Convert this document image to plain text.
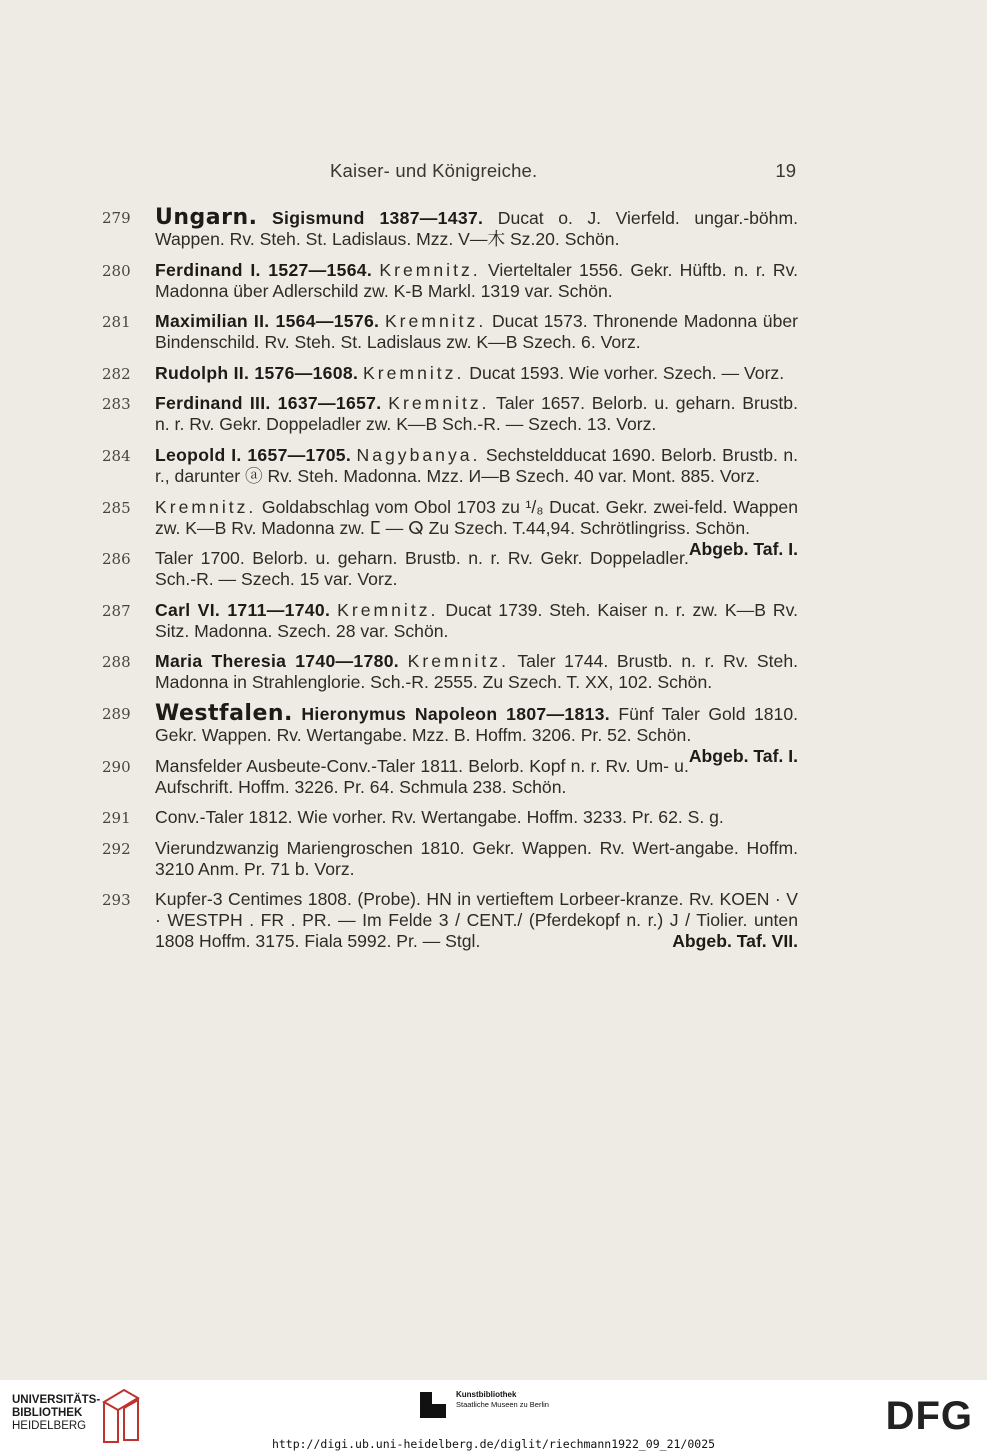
Kaiser- und Königreiche.	19
279 Ungarn. Sigismund 1387—1437. Ducat o. J. Vierfeld. ungar.-böhm. Wappen. Rv. Steh. St. Ladislaus. Mzz. V—木 Sz.20. Schön.
280 Ferdinand I. 1527—1564. Kremnitz. Vierteltaler 1556. Gekr. Hüftb. n. r. Rv. Madonna über Adlerschild zw. K-B Markl. 1319 var. Schön.
281 Maximilian II. 1564—1576. Kremnitz. Ducat 1573. Thronende Madonna über Bindenschild. Rv. Steh. St. Ladislaus zw. K—B Szech. 6. Vorz.
282 Rudolph II. 1576—1608. Kremnitz. Ducat 1593. Wie vorher. Szech. — Vorz.
283 Ferdinand III. 1637—1657. Kremnitz. Taler 1657. Belorb. u. geharn. Brustb. n. r. Rv. Gekr. Doppeladler zw. K—B Sch.-R. — Szech. 13. Vorz.
284 Leopold I. 1657—1705. Nagybanya. Sechsteldducat 1690. Belorb. Brustb. n. r., darunter ⓐ Rv. Steh. Madonna. Mzz. И—B Szech. 40 var. Mont. 885. Vorz.
285 Kremnitz. Goldabschlag vom Obol 1703 zu ¹/₈ Ducat. Gekr. zwei-feld. Wappen zw. K—B Rv. Madonna zw. ⵎ — ⵕ Zu Szech. T.44,94. Schrötlingriss. Schön.
Abgeb. Taf. I.
286 Taler 1700. Belorb. u. geharn. Brustb. n. r. Rv. Gekr. Doppeladler. Sch.-R. — Szech. 15 var. Vorz.
287 Carl VI. 1711—1740. Kremnitz. Ducat 1739. Steh. Kaiser n. r. zw. K—B Rv. Sitz. Madonna. Szech. 28 var. Schön.
288 Maria Theresia 1740—1780. Kremnitz. Taler 1744. Brustb. n. r. Rv. Steh. Madonna in Strahlenglorie. Sch.-R. 2555. Zu Szech. T. XX, 102. Schön.
289 Westfalen. Hieronymus Napoleon 1807—1813. Fünf Taler Gold 1810. Gekr. Wappen. Rv. Wertangabe. Mzz. B. Hoffm. 3206. Pr. 52. Schön.
Abgeb. Taf. I.
290 Mansfelder Ausbeute-Conv.-Taler 1811. Belorb. Kopf n. r. Rv. Um- u. Aufschrift. Hoffm. 3226. Pr. 64. Schmula 238. Schön.
291 Conv.-Taler 1812. Wie vorher. Rv. Wertangabe. Hoffm. 3233. Pr. 62. S. g.
292 Vierundzwanzig Mariengroschen 1810. Gekr. Wappen. Rv. Wert-angabe. Hoffm. 3210 Anm. Pr. 71 b. Vorz.
293 Kupfer-3 Centimes 1808. (Probe). HN in vertieftem Lorbeer-kranze. Rv. KOEN · V · WESTPH . FR . PR. — Im Felde 3 / CENT./ (Pferdekopf n. r.) J / Tiolier. unten 1808 Hoffm. 3175. Fiala 5992. Pr. — Stgl.	Abgeb. Taf. VII.
UNIVERSITÄTS-
BIBLIOTHEK
HEIDELBERG
Kunstbibliothek
Staatliche Museen zu Berlin	DFG
http://digi.ub.uni-heidelberg.de/diglit/riechmann1922_09_21/0025
